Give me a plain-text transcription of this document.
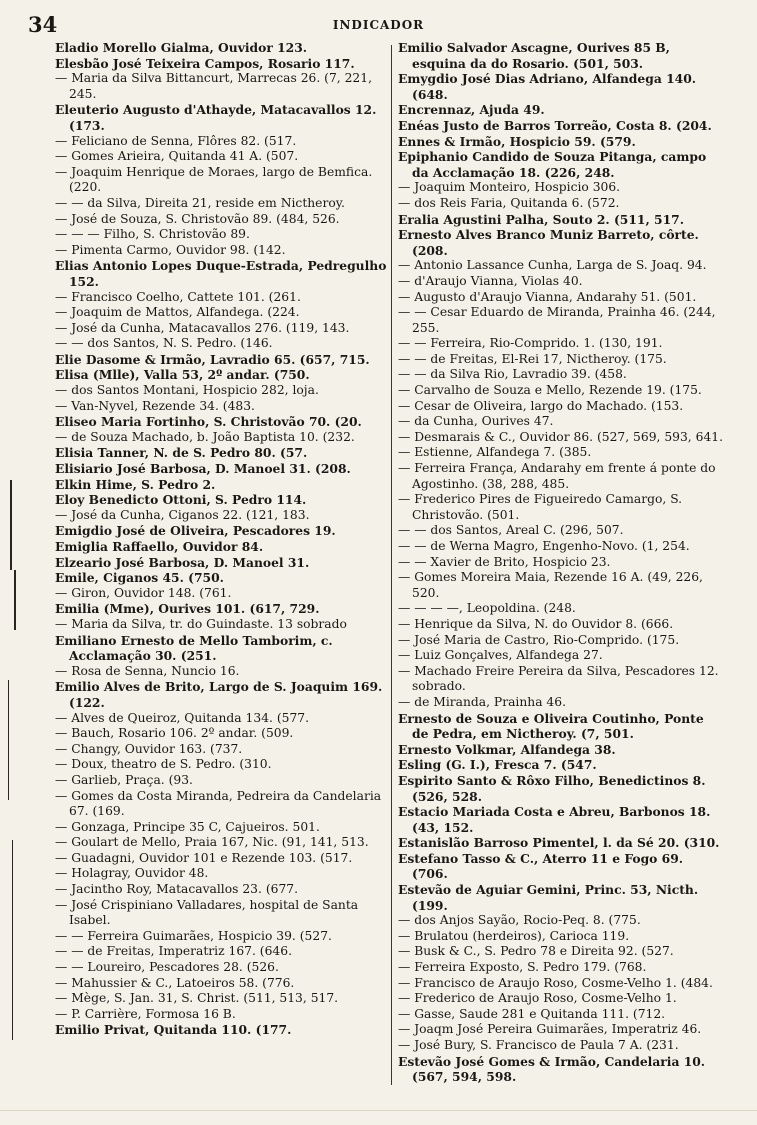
34	INDICADOR

Eladio Morello Gialma, Ouvidor 123.

Elesbão José Teixeira Campos, Rosario 117.

— Maria da Silva Bittancurt, Marrecas 26. (7, 221, 245.

Eleuterio Augusto d'Athayde, Matacavallos 12. (173.

— Feliciano de Senna, Flôres 82. (517.

— Gomes Arieira, Quitanda 41 A. (507.

— Joaquim Henrique de Moraes, largo de Bemfica. (220.

— — da Silva, Direita 21, reside em Nictheroy.

— José de Souza, S. Christovão 89. (484, 526.

— — — Filho, S. Christovão 89.

— Pimenta Carmo, Ouvidor 98. (142.

Elias Antonio Lopes Duque-Estrada, Pedregulho 152.

— Francisco Coelho, Cattete 101. (261.

— Joaquim de Mattos, Alfandega. (224.

— José da Cunha, Matacavallos 276. (119, 143.

— — dos Santos, N. S. Pedro. (146.

Elie Dasome & Irmão, Lavradio 65. (657, 715.

Elisa (Mlle), Valla 53, 2º andar. (750.

— dos Santos Montani, Hospicio 282, loja.

— Van-Nyvel, Rezende 34. (483.

Eliseo Maria Fortinho, S. Christovão 70. (20.

— de Souza Machado, b. João Baptista 10. (232.

Elisia Tanner, N. de S. Pedro 80. (57.

Elisiario José Barbosa, D. Manoel 31. (208.

Elkin Hime, S. Pedro 2.

Eloy Benedicto Ottoni, S. Pedro 114.

— José da Cunha, Ciganos 22. (121, 183.

Emigdio José de Oliveira, Pescadores 19.

Emiglia Raffaello, Ouvidor 84.

Elzeario José Barbosa, D. Manoel 31.

Emile, Ciganos 45. (750.

— Giron, Ouvidor 148. (761.

Emilia (Mme), Ourives 101. (617, 729.

— Maria da Silva, tr. do Guindaste. 13 sobrado

Emiliano Ernesto de Mello Tamborim, c. Acclamação 30. (251.

— Rosa de Senna, Nuncio 16.

Emilio Alves de Brito, Largo de S. Joaquim 169. (122.

— Alves de Queiroz, Quitanda 134. (577.

— Bauch, Rosario 106. 2º andar. (509.

— Changy, Ouvidor 163. (737.

— Doux, theatro de S. Pedro. (310.

— Garlieb, Praça. (93.

— Gomes da Costa Miranda, Pedreira da Candelaria 67. (169.

— Gonzaga, Principe 35 C, Cajueiros. 501.

— Goulart de Mello, Praia 167, Nic. (91, 141, 513.

— Guadagni, Ouvidor 101 e Rezende 103. (517.

— Holagray, Ouvidor 48.

— Jacintho Roy, Matacavallos 23. (677.

— José Crispiniano Valladares, hospital de Santa Isabel.

— — Ferreira Guimarães, Hospicio 39. (527.

— — de Freitas, Imperatriz 167. (646.

— — Loureiro, Pescadores 28. (526.

— Mahussier & C., Latoeiros 58. (776.

— Mège, S. Jan. 31, S. Christ. (511, 513, 517.

— P. Carrière, Formosa 16 B.

Emilio Privat, Quitanda 110. (177.

Emilio Salvador Ascagne, Ourives 85 B, esquina da do Rosario. (501, 503.

Emygdio José Dias Adriano, Alfandega 140. (648.

Encrennaz, Ajuda 49.

Enéas Justo de Barros Torreão, Costa 8. (204.

Ennes & Irmão, Hospicio 59. (579.

Epiphanio Candido de Souza Pitanga, campo da Acclamação 18. (226, 248.

— Joaquim Monteiro, Hospicio 306.

— dos Reis Faria, Quitanda 6. (572.

Eralia Agustini Palha, Souto 2. (511, 517.

Ernesto Alves Branco Muniz Barreto, côrte. (208.

— Antonio Lassance Cunha, Larga de S. Joaq. 94.

— d'Araujo Vianna, Violas 40.

— Augusto d'Araujo Vianna, Andarahy 51. (501.

— — Cesar Eduardo de Miranda, Prainha 46. (244, 255.

— — Ferreira, Rio-Comprido. 1. (130, 191.

— — de Freitas, El-Rei 17, Nictheroy. (175.

— — da Silva Rio, Lavradio 39. (458.

— Carvalho de Souza e Mello, Rezende 19. (175.

— Cesar de Oliveira, largo do Machado. (153.

— da Cunha, Ourives 47.

— Desmarais & C., Ouvidor 86. (527, 569, 593, 641.

— Estienne, Alfandega 7. (385.

— Ferreira França, Andarahy em frente á ponte do Agostinho. (38, 288, 485.

— Frederico Pires de Figueiredo Camargo, S. Christovão. (501.

— — dos Santos, Areal C. (296, 507.

— — de Werna Magro, Engenho-Novo. (1, 254.

— — Xavier de Brito, Hospicio 23.

— Gomes Moreira Maia, Rezende 16 A. (49, 226, 520.

— — — —, Leopoldina. (248.

— Henrique da Silva, N. do Ouvidor 8. (666.

— José Maria de Castro, Rio-Comprido. (175.

— Luiz Gonçalves, Alfandega 27.

— Machado Freire Pereira da Silva, Pescadores 12. sobrado.

— de Miranda, Prainha 46.

Ernesto de Souza e Oliveira Coutinho, Ponte de Pedra, em Nictheroy. (7, 501.

Ernesto Volkmar, Alfandega 38.

Esling (G. I.), Fresca 7. (547.

Espirito Santo & Rôxo Filho, Benedictinos 8. (526, 528.

Estacio Mariada Costa e Abreu, Barbonos 18. (43, 152.

Estanislão Barroso Pimentel, l. da Sé 20. (310.

Estefano Tasso & C., Aterro 11 e Fogo 69. (706.

Estevão de Aguiar Gemini, Princ. 53, Nicth. (199.

— dos Anjos Sayão, Rocio-Peq. 8. (775.

— Brulatou (herdeiros), Carioca 119.

— Busk & C., S. Pedro 78 e Direita 92. (527.

— Ferreira Exposto, S. Pedro 179. (768.

— Francisco de Araujo Roso, Cosme-Velho 1. (484.

— Frederico de Araujo Roso, Cosme-Velho 1.

— Gasse, Saude 281 e Quitanda 111. (712.

— Joaqm José Pereira Guimarães, Imperatriz 46.

— José Bury, S. Francisco de Paula 7 A. (231.

Estevão José Gomes & Irmão, Candelaria 10. (567, 594, 598.
